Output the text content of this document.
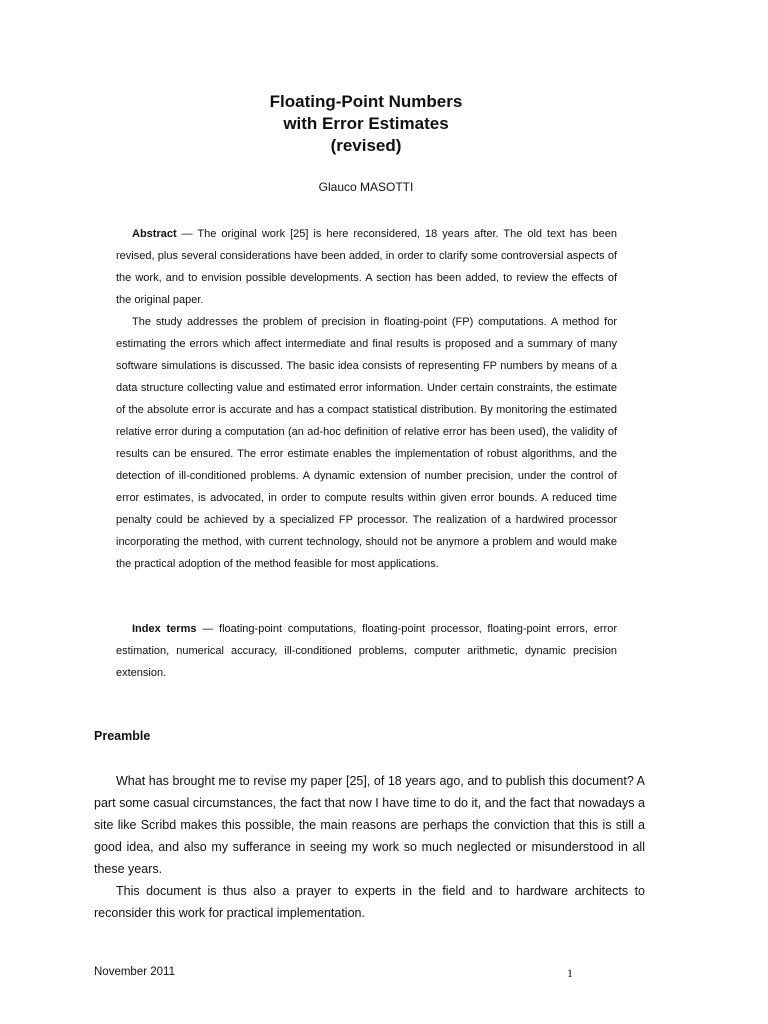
Floating-Point Numbers
with Error Estimates
(revised)
Glauco MASOTTI

Abstract — The original work [25] is here reconsidered, 18 years after. The old text has been revised, plus several considerations have been added, in order to clarify some controversial aspects of the work, and to envision possible developments. A section has been added, to review the effects of the original paper.

The study addresses the problem of precision in floating-point (FP) computations. A method for estimating the errors which affect intermediate and final results is proposed and a summary of many software simulations is discussed. The basic idea consists of representing FP numbers by means of a data structure collecting value and estimated error information. Under certain constraints, the estimate of the absolute error is accurate and has a compact statistical distribution. By monitoring the estimated relative error during a computation (an ad-hoc definition of relative error has been used), the validity of results can be ensured. The error estimate enables the implementation of robust algorithms, and the detection of ill-conditioned problems. A dynamic extension of number precision, under the control of error estimates, is advocated, in order to compute results within given error bounds. A reduced time penalty could be achieved by a specialized FP processor. The realization of a hardwired processor incorporating the method, with current technology, should not be anymore a problem and would make the practical adoption of the method feasible for most applications.

Index terms — floating-point computations, floating-point processor, floating-point errors, error estimation, numerical accuracy, ill-conditioned problems, computer arithmetic, dynamic precision extension.

Preamble

What has brought me to revise my paper [25], of 18 years ago, and to publish this document? A part some casual circumstances, the fact that now I have time to do it, and the fact that nowadays a site like Scribd makes this possible, the main reasons are perhaps the conviction that this is still a good idea, and also my sufferance in seeing my work so much neglected or misunderstood in all these years.

This document is thus also a prayer to experts in the field and to hardware architects to reconsider this work for practical implementation.

November 2011	1
